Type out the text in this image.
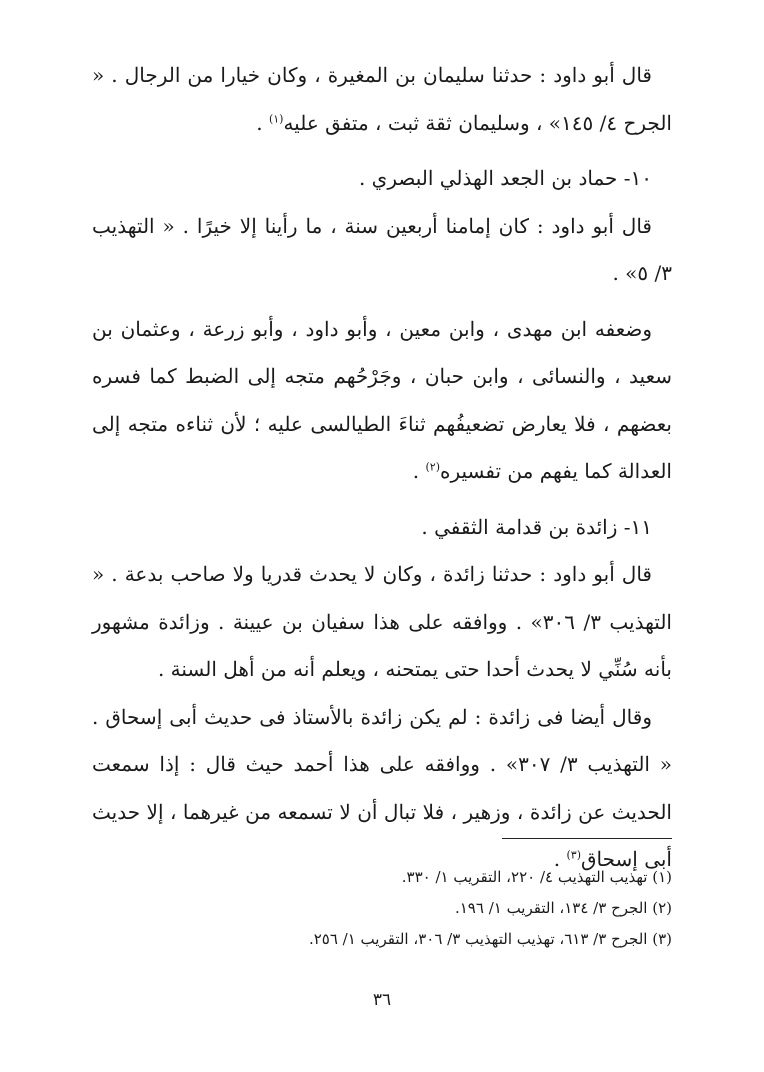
قال أبو داود : حدثنا سليمان بن المغيرة ، وكان خيارا من الرجال . « الجرح ٤/ ١٤٥» ، وسليمان ثقة ثبت ، متفق عليه$^{(١)}$ .

١٠- حماد بن الجعد الهذلي البصري .

قال أبو داود : كان إمامنا أربعين سنة ، ما رأينا إلا خيرًا . « التهذيب ٣/ ٥» .

وضعفه ابن مهدى ، وابن معين ، وأبو داود ، وأبو زرعة ، وعثمان بن سعيد ، والنسائى ، وابن حبان ، وجَرْحُهم متجه إلى الضبط كما فسره بعضهم ، فلا يعارض تضعيفُهم ثناءَ الطيالسى عليه ؛ لأن ثناءه متجه إلى العدالة كما يفهم من تفسيره$^{(٢)}$ .

١١- زائدة بن قدامة الثقفي .

قال أبو داود : حدثنا زائدة ، وكان لا يحدث قدريا ولا صاحب بدعة . « التهذيب ٣/ ٣٠٦» . ووافقه على هذا سفيان بن عيينة . وزائدة مشهور بأنه سُنِّي لا يحدث أحدا حتى يمتحنه ، ويعلم أنه من أهل السنة .

وقال أيضا فى زائدة : لم يكن زائدة بالأستاذ فى حديث أبى إسحاق . « التهذيب ٣/ ٣٠٧» . ووافقه على هذا أحمد حيث قال : إذا سمعت الحديث عن زائدة ، وزهير ، فلا تبال أن لا تسمعه من غيرهما ، إلا حديث أبى إسحاق$^{(٣)}$ .

(١) تهذيب التهذيب ٤/ ٢٢٠، التقريب ١/ ٣٣٠.

(٢) الجرح ٣/ ١٣٤، التقريب ١/ ١٩٦.

(٣) الجرح ٣/ ٦١٣، تهذيب التهذيب ٣/ ٣٠٦، التقريب ١/ ٢٥٦.

٣٦
